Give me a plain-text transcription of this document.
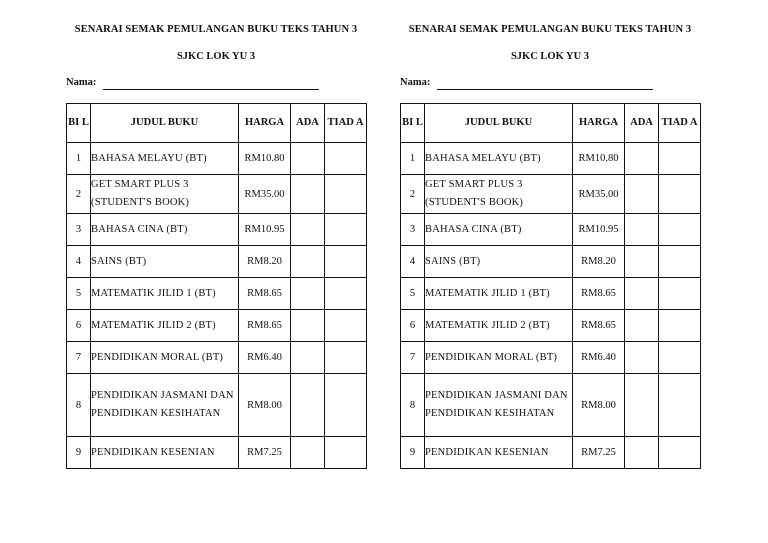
SENARAI SEMAK PEMULANGAN BUKU TEKS TAHUN 3
SJKC LOK YU 3
Nama:
BI L	JUDUL BUKU	HARGA	ADA	TIAD A
1	BAHASA MELAYU (BT)	RM10.80		
2	GET SMART PLUS 3 (STUDENT'S BOOK)	RM35.00		
3	BAHASA CINA (BT)	RM10.95		
4	SAINS (BT)	RM8.20		
5	MATEMATIK JILID 1 (BT)	RM8.65		
6	MATEMATIK JILID 2 (BT)	RM8.65		
7	PENDIDIKAN MORAL (BT)	RM6.40		
8	PENDIDIKAN JASMANI DAN PENDIDIKAN KESIHATAN	RM8.00		
9	PENDIDIKAN KESENIAN	RM7.25		
SENARAI SEMAK PEMULANGAN BUKU TEKS TAHUN 3
SJKC LOK YU 3
Nama:
BI L	JUDUL BUKU	HARGA	ADA	TIAD A
1	BAHASA MELAYU (BT)	RM10.80		
2	GET SMART PLUS 3 (STUDENT'S BOOK)	RM35.00		
3	BAHASA CINA (BT)	RM10.95		
4	SAINS (BT)	RM8.20		
5	MATEMATIK JILID 1 (BT)	RM8.65		
6	MATEMATIK JILID 2 (BT)	RM8.65		
7	PENDIDIKAN MORAL (BT)	RM6.40		
8	PENDIDIKAN JASMANI DAN PENDIDIKAN KESIHATAN	RM8.00		
9	PENDIDIKAN KESENIAN	RM7.25		
